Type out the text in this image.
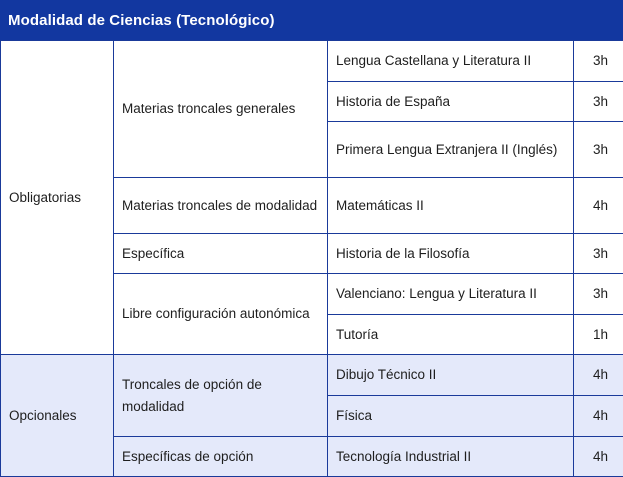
Modalidad de Ciencias (Tecnológico)
Obligatorias	Materias troncales generales	Lengua Castellana y Literatura II	3h
		Historia de España	3h
		Primera Lengua Extranjera II (Inglés)	3h
	Materias troncales de modalidad	Matemáticas II	4h
	Específica	Historia de la Filosofía	3h
	Libre configuración autonómica	Valenciano: Lengua y Literatura II	3h
		Tutoría	1h

Opcionales	Troncales de opción de modalidad	Dibujo Técnico II	4h
		Física	4h
	Específicas de opción	Tecnología Industrial II	4h
